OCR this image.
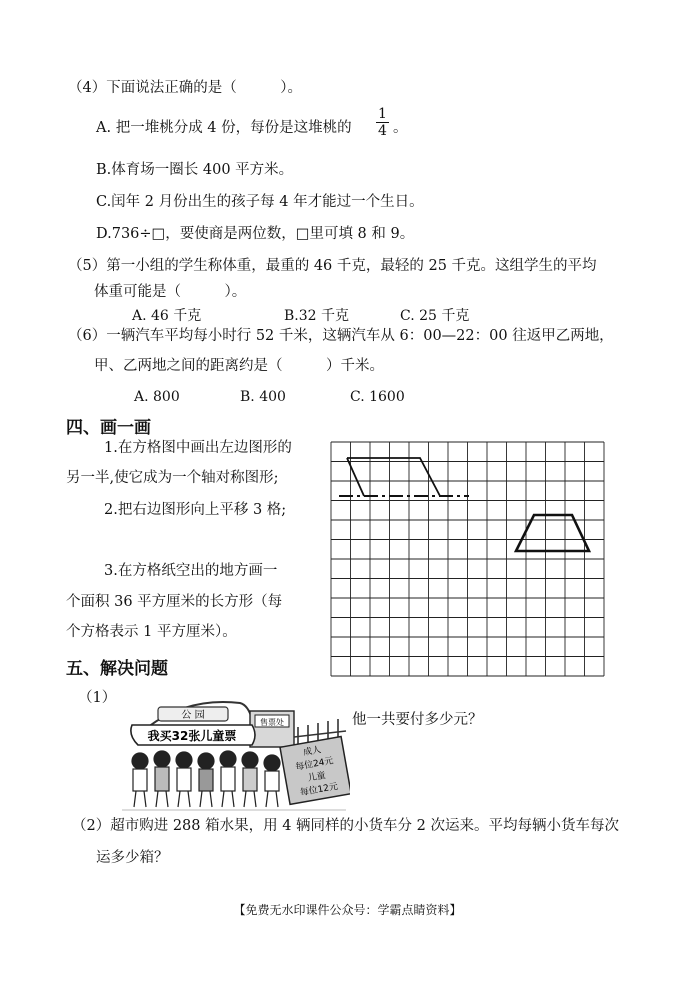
（4）下面说法正确的是（　　　）。
A. 把一堆桃分成 4 份，每份是这堆桃的 $\frac{1}{4}$ 。
B.体育场一圈长 400 平方米。
C.闰年 2 月份出生的孩子每 4 年才能过一个生日。
D.736÷□，要使商是两位数，□里可填 8 和 9。
（5）第一小组的学生称体重，最重的 46 千克，最轻的 25 千克。这组学生的平均
体重可能是（　　　）。
A. 46 千克	B.32 千克	C. 25 千克
（6）一辆汽车平均每小时行 52 千米，这辆汽车从 6：00—22：00 往返甲乙两地，
甲、乙两地之间的距离约是（　　　）千米。
A. 800	B. 400	C. 1600
四、画一画
1.在方格图中画出左边图形的
另一半,使它成为一个轴对称图形;
2.把右边图形向上平移 3 格;
3.在方格纸空出的地方画一
个面积 36 平方厘米的长方形（每
个方格表示 1 平方厘米）。
五、解决问题
（1）
公 园
售票处
我买32张儿童票
成人
每位24元
儿童
每位12元
他一共要付多少元？
（2）超市购进 288 箱水果，用 4 辆同样的小货车分 2 次运来。平均每辆小货车每次
运多少箱？
【免费无水印课件公众号：学霸点睛资料】
